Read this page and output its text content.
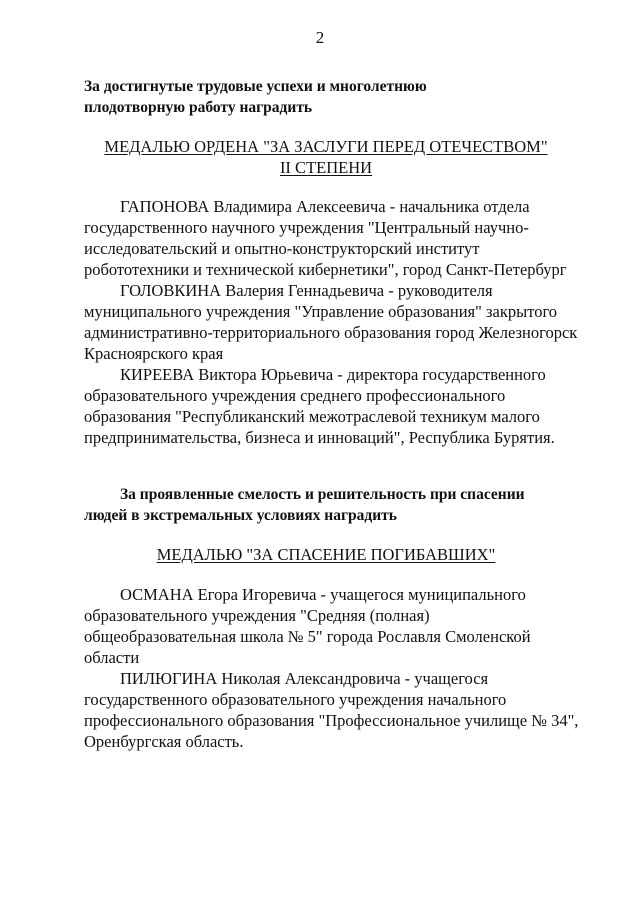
2
За достигнутые трудовые успехи и многолетнюю
плодотворную работу наградить
МЕДАЛЬЮ ОРДЕНА "ЗА ЗАСЛУГИ ПЕРЕД ОТЕЧЕСТВОМ"
II СТЕПЕНИ
ГАПОНОВА Владимира Алексеевича - начальника отдела
государственного научного учреждения "Центральный научно-
исследовательский и опытно-конструкторский институт
робототехники и технической кибернетики", город Санкт-Петербург
ГОЛОВКИНА Валерия Геннадьевича - руководителя
муниципального учреждения "Управление образования" закрытого
административно-территориального образования город Железногорск
Красноярского края
КИРЕЕВА Виктора Юрьевича - директора государственного
образовательного учреждения среднего профессионального
образования "Республиканский межотраслевой техникум малого
предпринимательства, бизнеса и инноваций", Республика Бурятия.
За проявленные смелость и решительность при спасении
людей в экстремальных условиях наградить
МЕДАЛЬЮ "ЗА СПАСЕНИЕ ПОГИБАВШИХ"
ОСМАНА Егора Игоревича - учащегося муниципального
образовательного учреждения "Средняя (полная)
общеобразовательная школа № 5" города Рославля Смоленской
области
ПИЛЮГИНА Николая Александровича - учащегося
государственного образовательного учреждения начального
профессионального образования "Профессиональное училище № 34",
Оренбургская область.
